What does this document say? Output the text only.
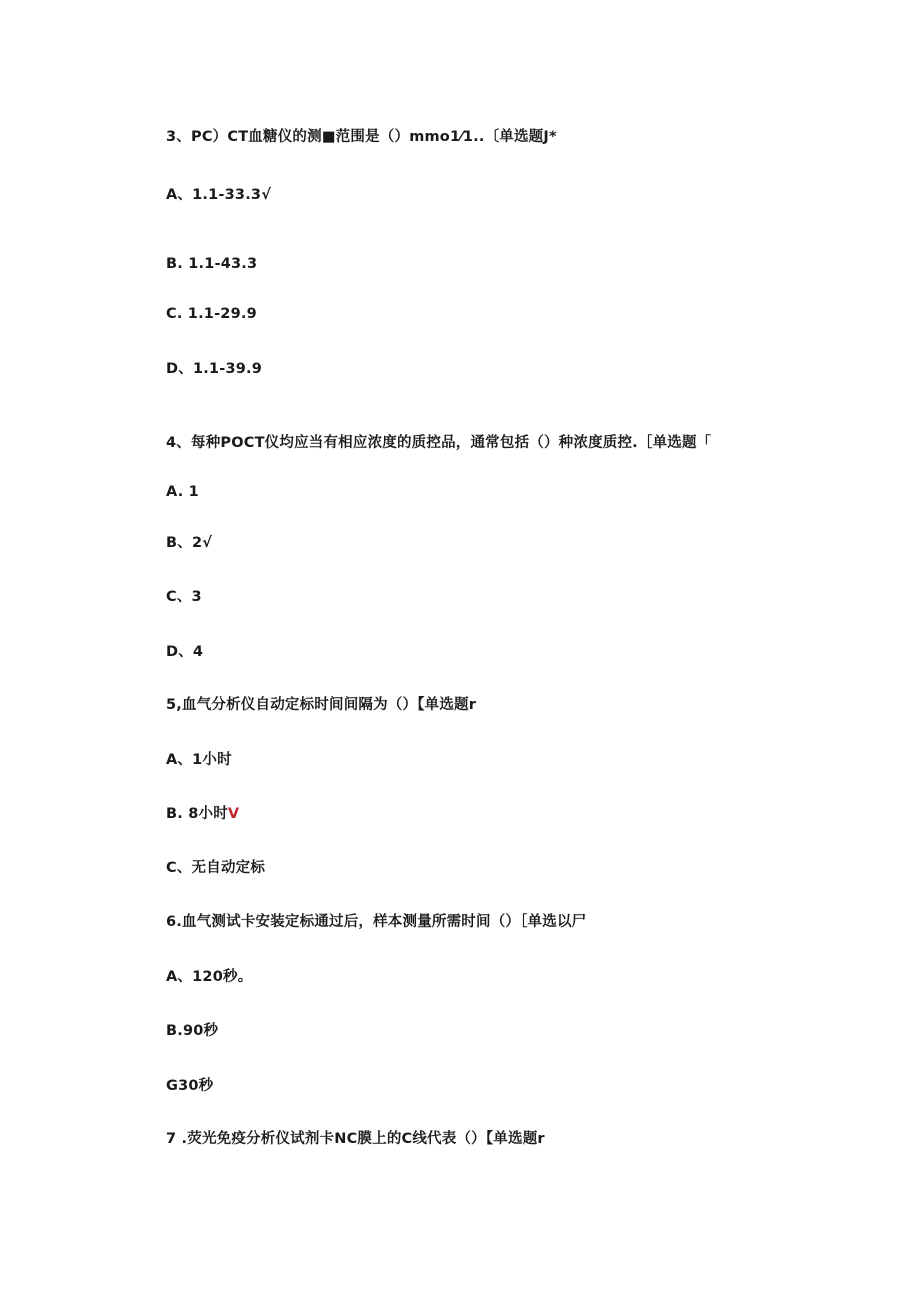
3、PC）CT血糖仪的测■范围是（）mmo1⁄1..〔单选题J*
A、1.1-33.3√
B. 1.1-43.3
C. 1.1-29.9
D、1.1-39.9
4、每种POCT仪均应当有相应浓度的质控品，通常包括（）种浓度质控.［单选题「
A. 1
B、2√
C、3
D、4
5,血气分析仪自动定标时间间隔为（）【单选题r
A、1小时
B. 8小时V
C、无自动定标
6.血气测试卡安装定标通过后，样本测量所需时间（）［单选以尸
A、120秒。
B.90秒
G30秒
7 .荧光免疫分析仪试剂卡NC膜上的C线代表（）【单选题r
